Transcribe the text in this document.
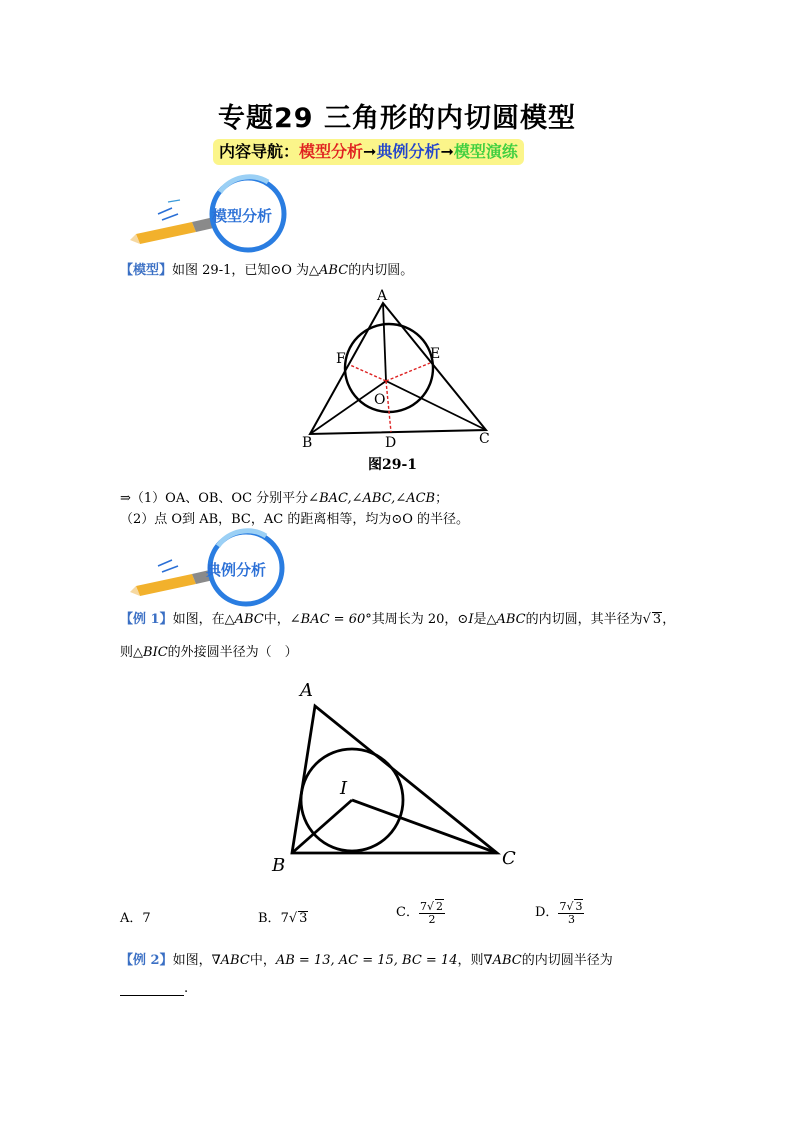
专题29 三角形的内切圆模型
内容导航：模型分析➞典例分析➞模型演练
模型分析
【模型】如图 29-1，已知⊙O 为△ABC的内切圆。
A
B	C
D
E
F
O
图29-1
⇒（1）OA、OB、OC 分别平分∠BAC,∠ABC,∠ACB；
（2）点 O到 AB，BC，AC 的距离相等，均为⊙O 的半径。
典例分析
【例 1】如图，在△ABC中，∠BAC = 60°其周长为 20，⊙I是△ABC的内切圆，其半径为√ 3，
则△BIC的外接圆半径为（　）
A
B	C
I
A．7	B．7√ 3	C． $\frac{7√ 2}{2}$	D． $\frac{7√ 3}{3}$
【例 2】如图，∇ABC中，AB = 13, AC = 15, BC = 14，则∇ABC的内切圆半径为
.
